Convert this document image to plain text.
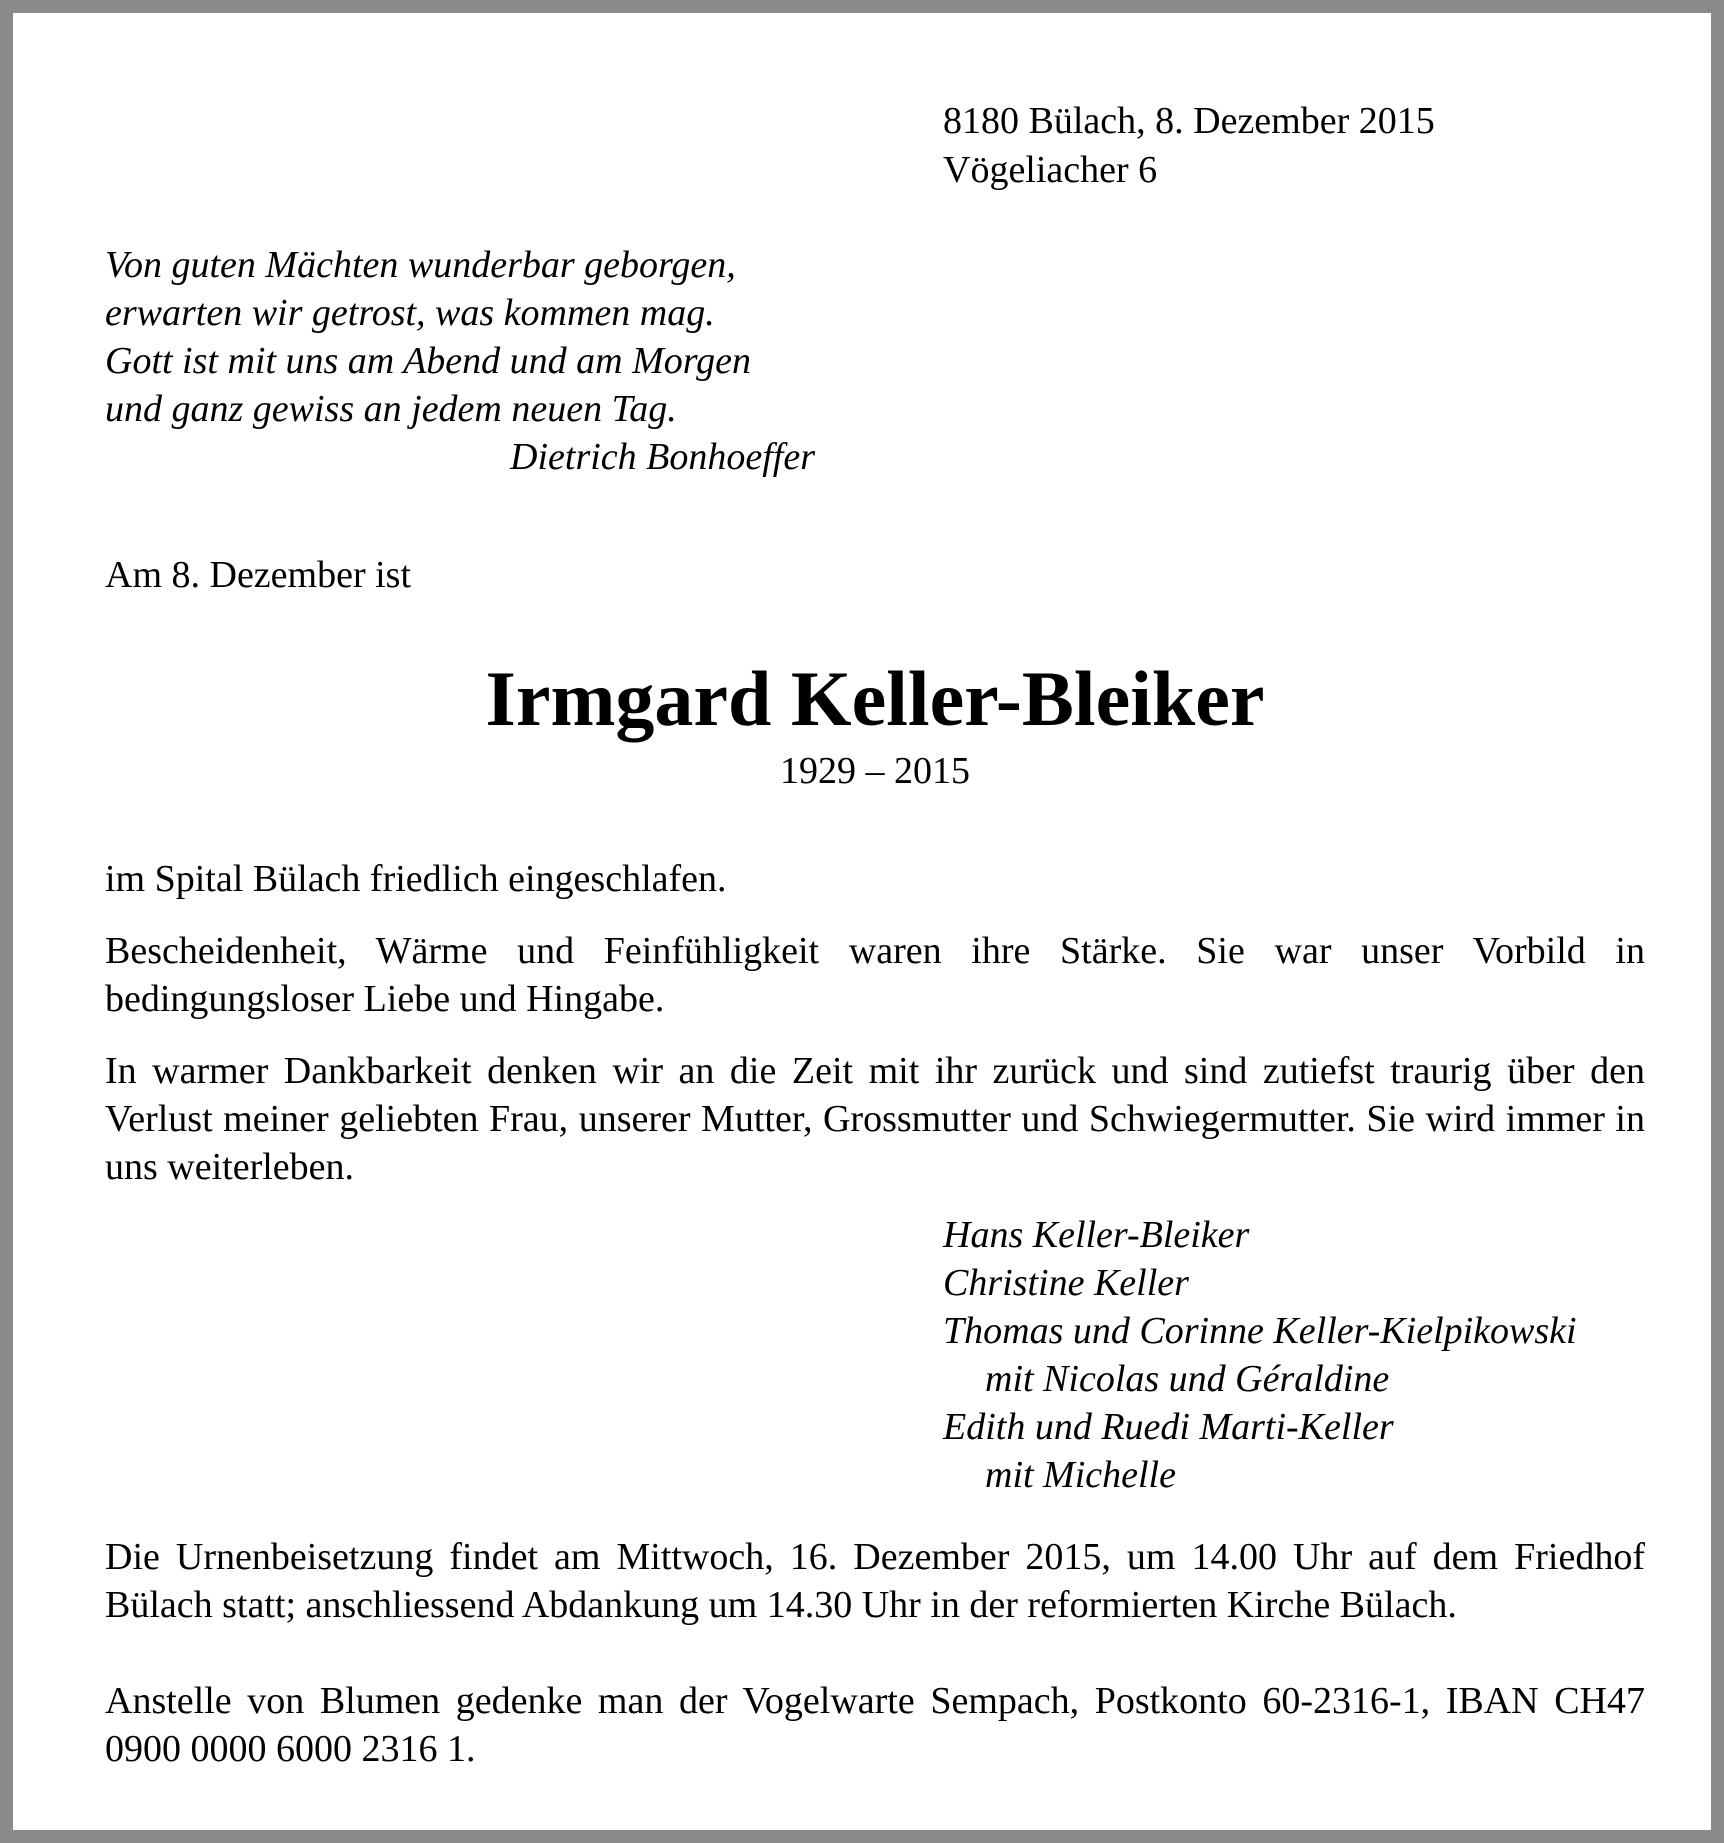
8180 Bülach, 8. Dezember 2015
Vögeliacher 6
Von guten Mächten wunderbar geborgen,
erwarten wir getrost, was kommen mag.
Gott ist mit uns am Abend und am Morgen
und ganz gewiss an jedem neuen Tag.
Dietrich Bonhoeffer

Am 8. Dezember ist

Irmgard Keller-Bleiker

1929 – 2015

im Spital Bülach friedlich eingeschlafen.

Bescheidenheit, Wärme und Feinfühligkeit waren ihre Stärke. Sie war unser Vorbild in bedingungsloser Liebe und Hingabe.

In warmer Dankbarkeit denken wir an die Zeit mit ihr zurück und sind zutiefst traurig über den Verlust meiner geliebten Frau, unserer Mutter, Grossmutter und Schwiegermutter. Sie wird immer in uns weiterleben.

Hans Keller-Bleiker
Christine Keller
Thomas und Corinne Keller-Kielpikowski
mit Nicolas und Géraldine
Edith und Ruedi Marti-Keller
mit Michelle

Die Urnenbeisetzung findet am Mittwoch, 16. Dezember 2015, um 14.00 Uhr auf dem Friedhof Bülach statt; anschliessend Abdankung um 14.30 Uhr in der reformierten Kirche Bülach.

Anstelle von Blumen gedenke man der Vogelwarte Sempach, Postkonto 60-2316-1, IBAN CH47 0900 0000 6000 2316 1.
